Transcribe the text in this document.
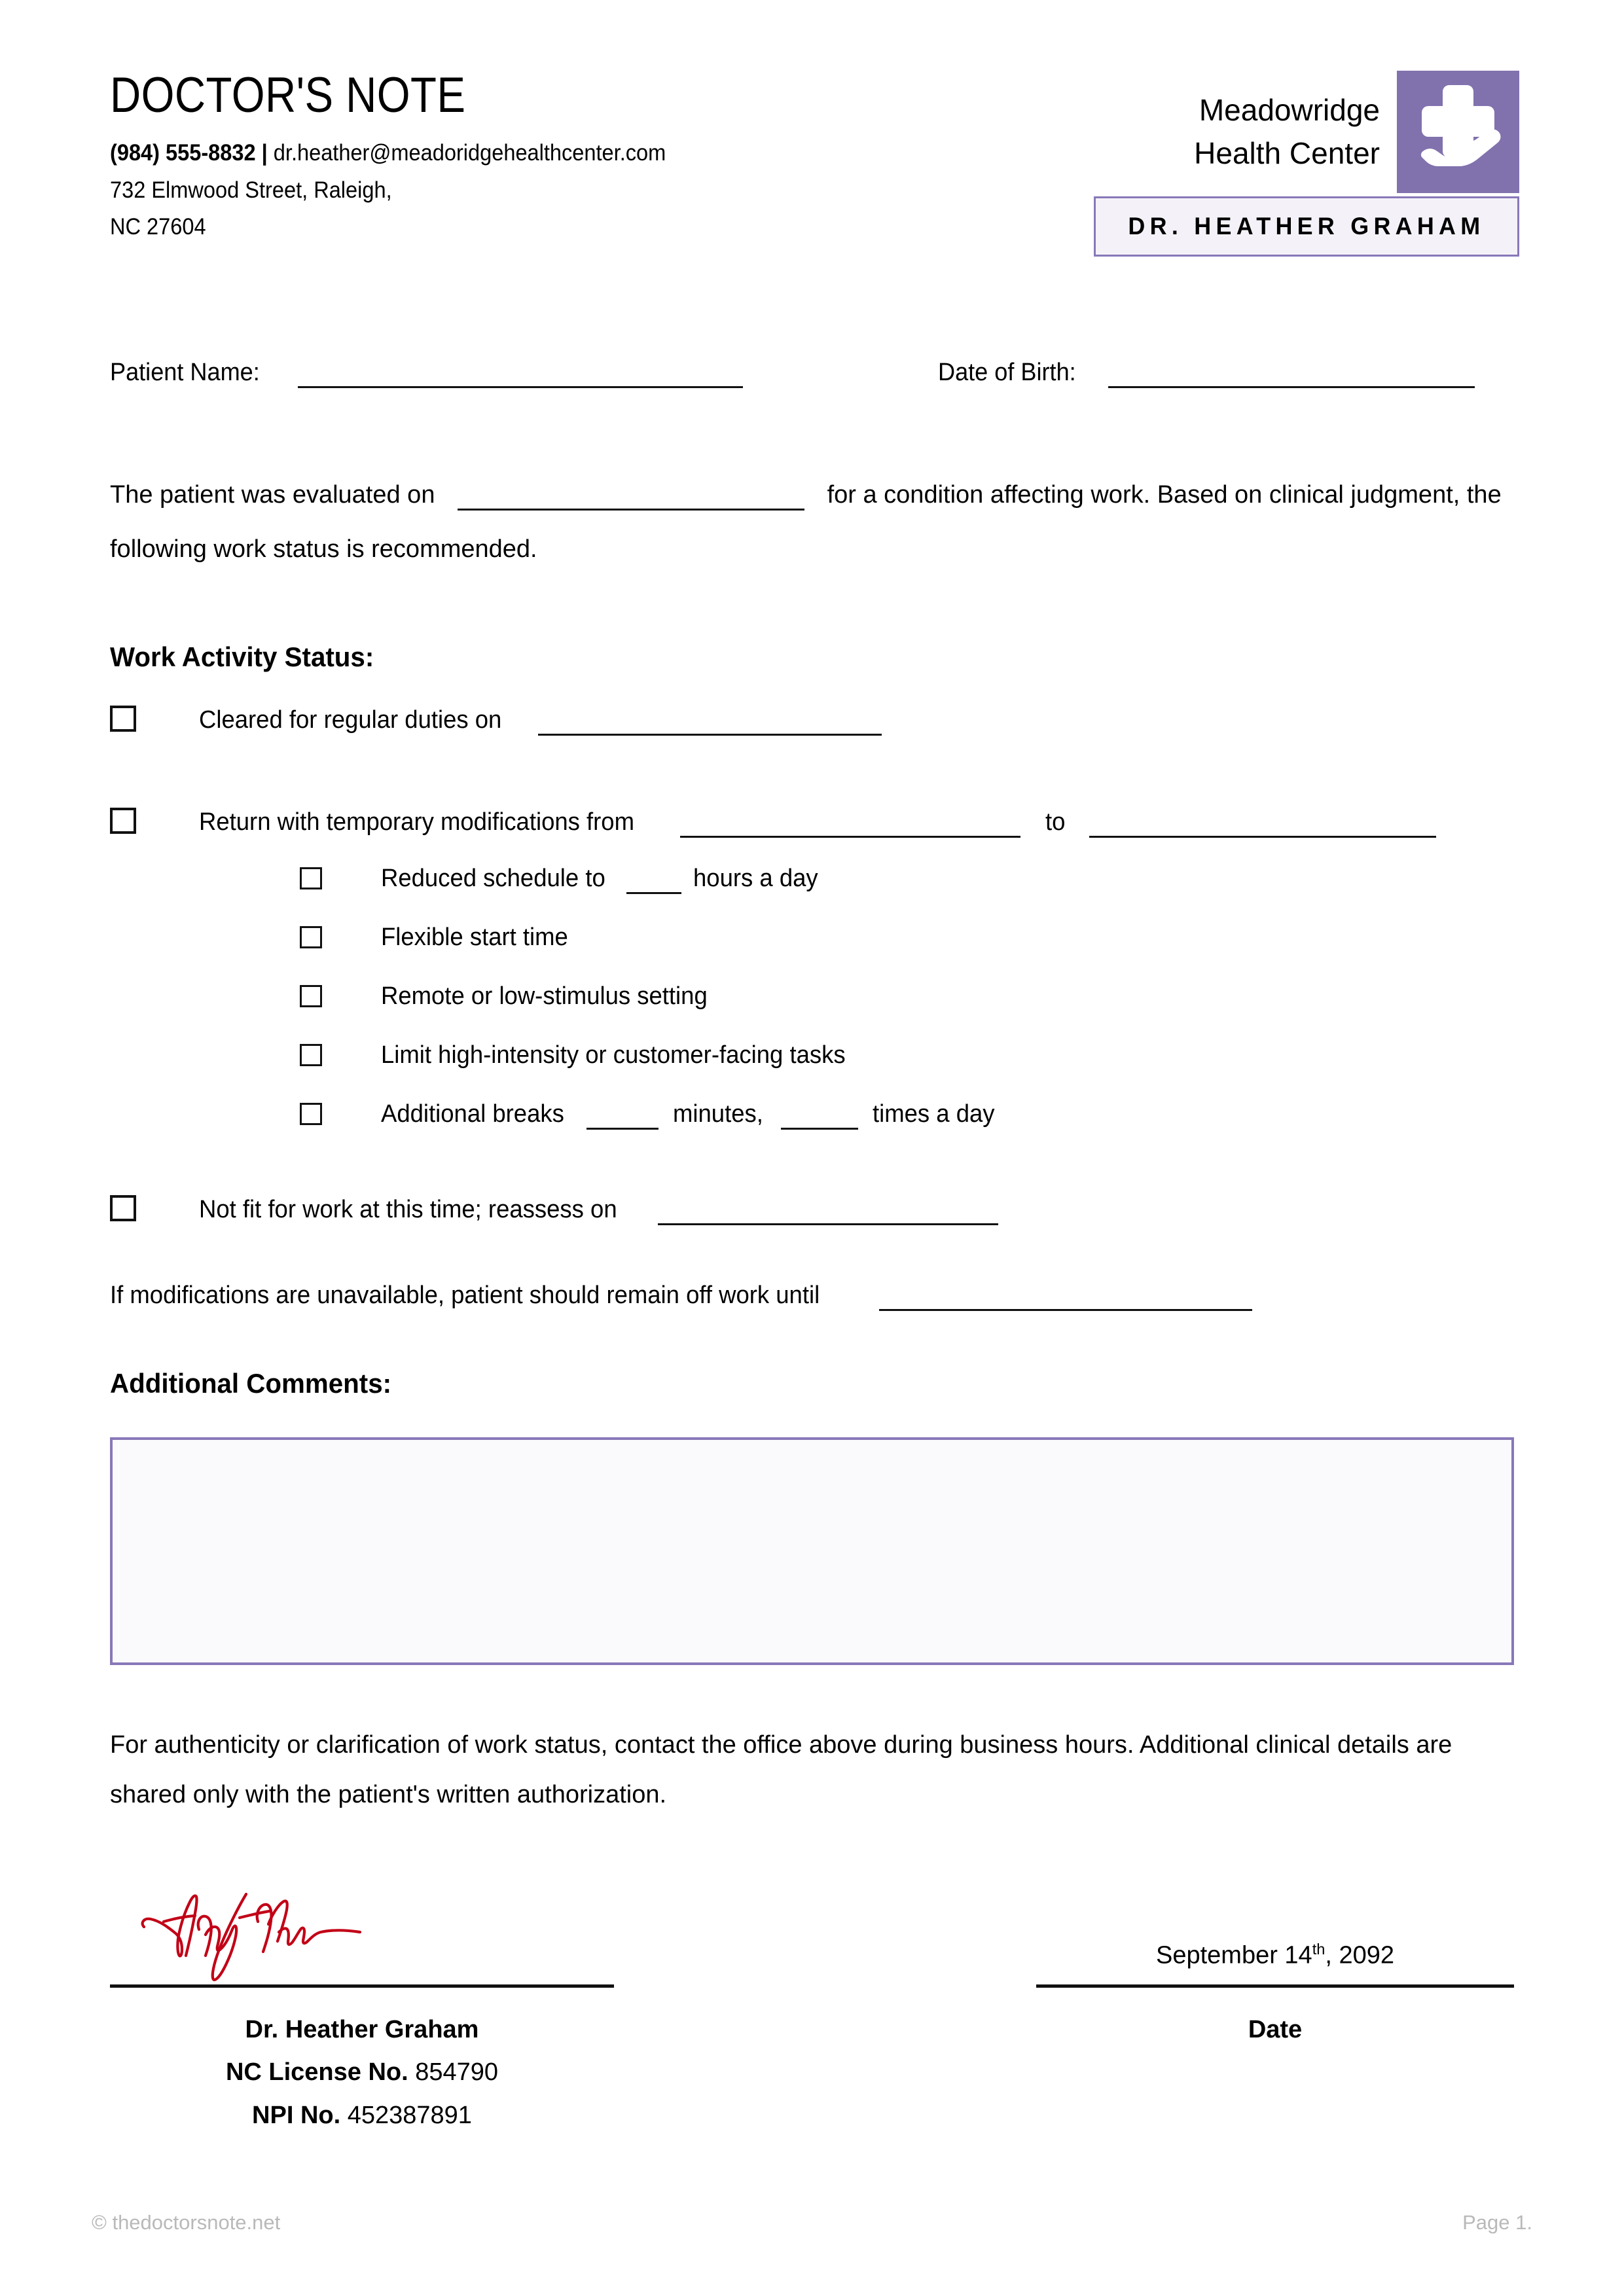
DOCTOR'S NOTE
(984) 555-8832 | dr.heather@meadoridgehealthcenter.com
732 Elmwood Street, Raleigh,
NC 27604
Meadowridge
Health Center
DR. HEATHER GRAHAM
Patient Name:	Date of Birth:
The patient was evaluated on	for a condition affecting work. Based on clinical judgment, the following work status is recommended.
Work Activity Status:
Cleared for regular duties on
Return with temporary modifications from	to
Reduced schedule to	hours a day
Flexible start time
Remote or low-stimulus setting
Limit high-intensity or customer-facing tasks
Additional breaks	minutes,	times a day
Not fit for work at this time; reassess on
If modifications are unavailable, patient should remain off work until
Additional Comments:
For authenticity or clarification of work status, contact the office above during business hours. Additional clinical details are shared only with the patient's written authorization.
Dr. Heather Graham
NC License No. 854790
NPI No. 452387891
September 14th, 2092
Date
© thedoctorsnote.net	Page 1.
